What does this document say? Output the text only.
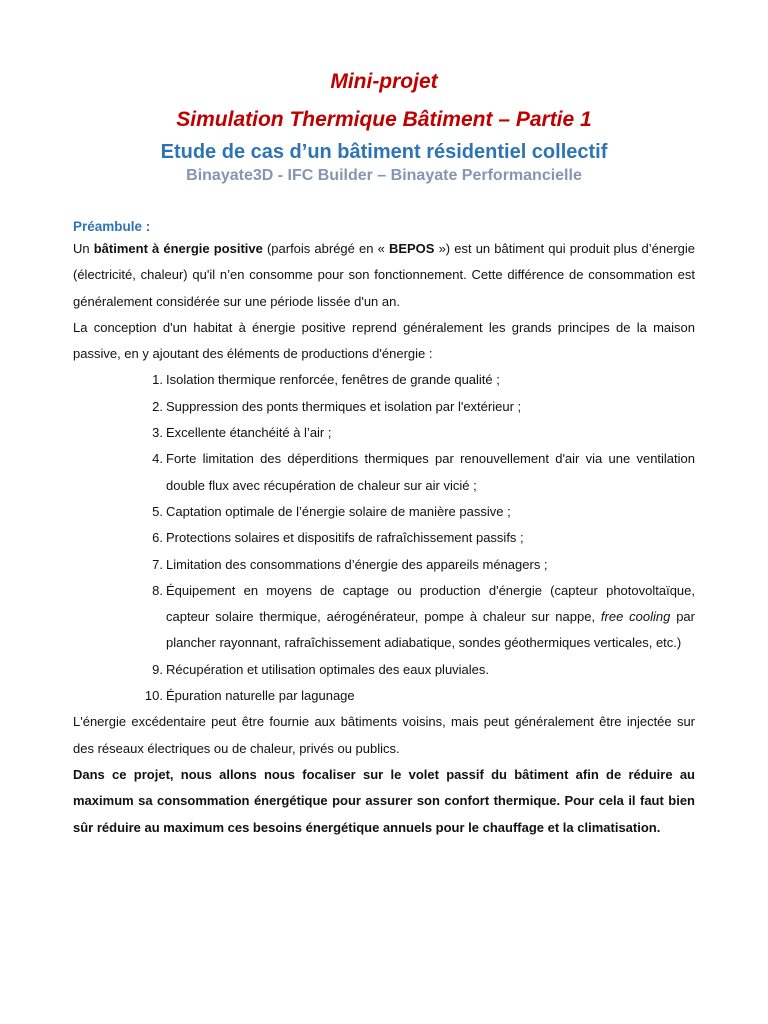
Mini-projet
Simulation Thermique Bâtiment – Partie 1
Etude de cas d’un bâtiment résidentiel collectif
Binayate3D - IFC Builder – Binayate Performancielle
Préambule :

Un bâtiment à énergie positive (parfois abrégé en « BEPOS ») est un bâtiment qui produit plus d’énergie (électricité, chaleur) qu'il n’en consomme pour son fonctionnement. Cette différence de consommation est généralement considérée sur une période lissée d'un an.

La conception d'un habitat à énergie positive reprend généralement les grands principes de la maison passive, en y ajoutant des éléments de productions d'énergie :

1. Isolation thermique renforcée, fenêtres de grande qualité ;
2. Suppression des ponts thermiques et isolation par l'extérieur ;
3. Excellente étanchéité à l’air ;
4. Forte limitation des déperditions thermiques par renouvellement d'air via une ventilation double flux avec récupération de chaleur sur air vicié ;
5. Captation optimale de l’énergie solaire de manière passive ;
6. Protections solaires et dispositifs de rafraîchissement passifs ;
7. Limitation des consommations d’énergie des appareils ménagers ;
8. Équipement en moyens de captage ou production d'énergie (capteur photovoltaïque, capteur solaire thermique, aérogénérateur, pompe à chaleur sur nappe, free cooling par plancher rayonnant, rafraîchissement adiabatique, sondes géothermiques verticales, etc.)
9. Récupération et utilisation optimales des eaux pluviales.
10. Épuration naturelle par lagunage

L'énergie excédentaire peut être fournie aux bâtiments voisins, mais peut généralement être injectée sur des réseaux électriques ou de chaleur, privés ou publics.

Dans ce projet, nous allons nous focaliser sur le volet passif du bâtiment afin de réduire au maximum sa consommation énergétique pour assurer son confort thermique. Pour cela il faut bien sûr réduire au maximum ces besoins énergétique annuels pour le chauffage et la climatisation.
